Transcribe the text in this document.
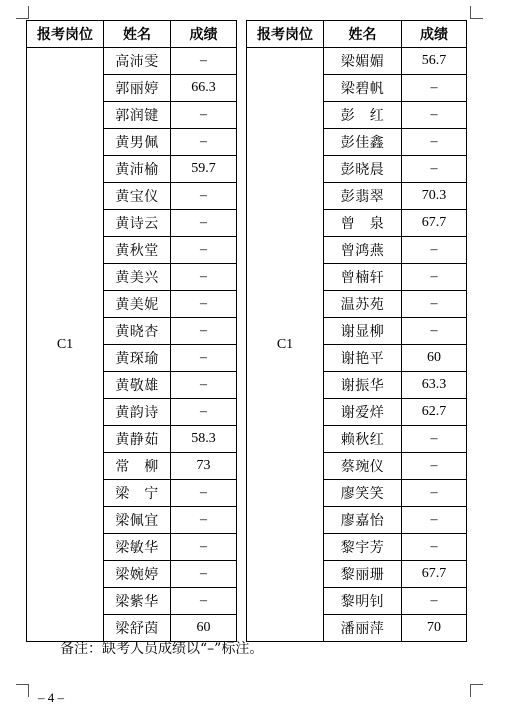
报考岗位	姓名	成绩		报考岗位	姓名	成绩
C1	高沛雯	–		C1	梁媚媚	56.7
	郭丽婷	66.3			梁碧帆	–
	郭润键	–			彭　红	–
	黄男佩	–			彭佳鑫	–
	黄沛榆	59.7			彭晓晨	–
	黄宝仪	–			彭翡翠	70.3
	黄诗云	–			曾　泉	67.7
	黄秋堂	–			曾鸿燕	–
	黄美兴	–			曾楠轩	–
	黄美妮	–			温苏苑	–
	黄晓杏	–			谢显柳	–
	黄琛瑜	–			谢艳平	60
	黄敬雄	–			谢振华	63.3
	黄韵诗	–			谢爱烊	62.7
	黄静茹	58.3			赖秋红	–
	常　柳	73			蔡琬仪	–
	梁　宁	–			廖笑笑	–
	梁佩宜	–			廖嘉怡	–
	梁敏华	–			黎宇芳	–
	梁婉婷	–			黎丽珊	67.7
	梁紫华	–			黎明钊	–
	梁舒茵	60			潘丽萍	70
备注：缺考人员成绩以“–”标注。
– 4 –
